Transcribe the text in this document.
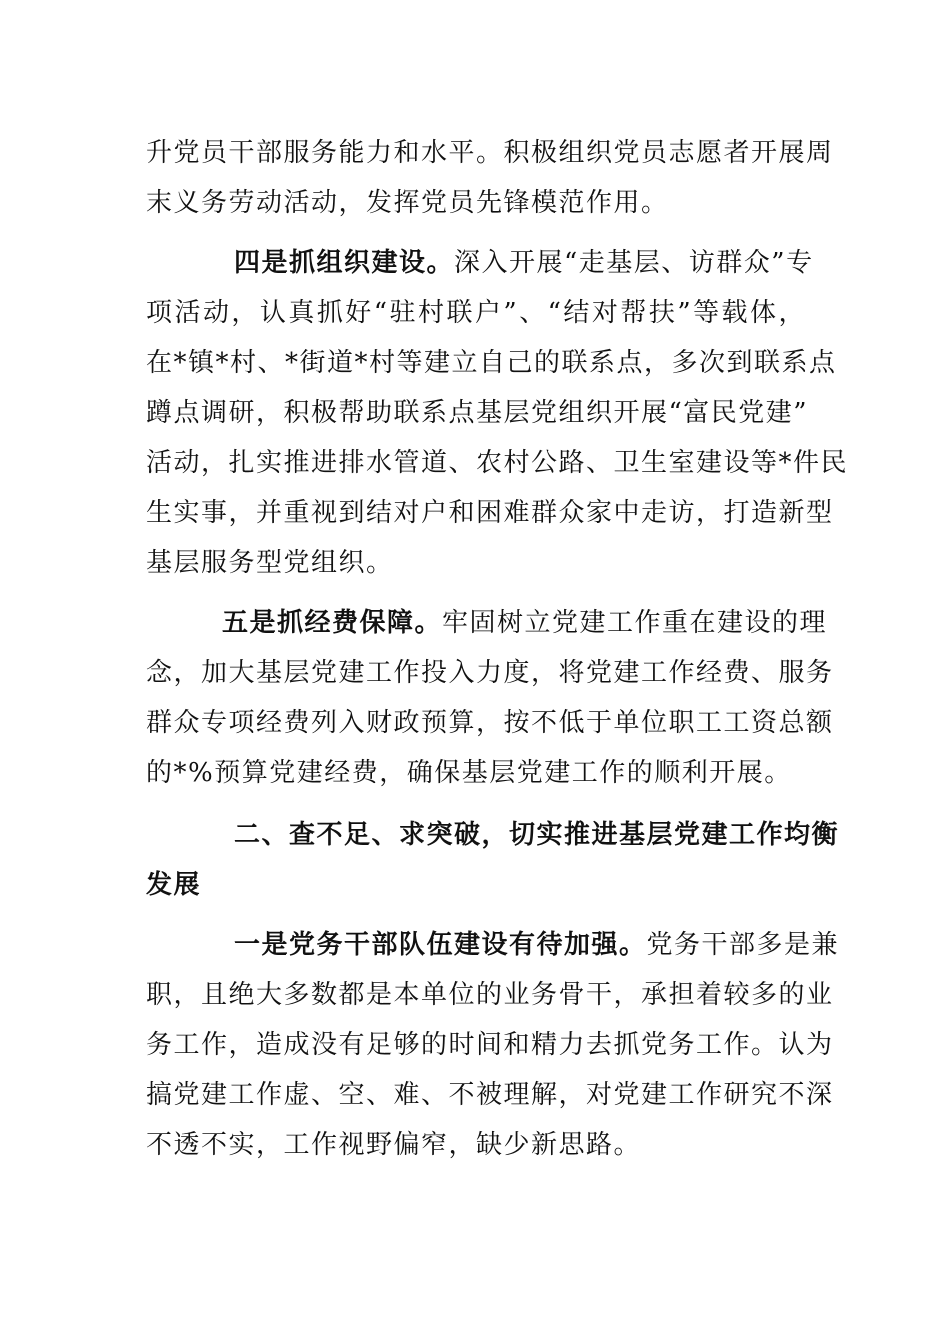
升党员干部服务能力和水平。积极组织党员志愿者开展周
末义务劳动活动，发挥党员先锋模范作用。
四是抓组织建设。深入开展“走基层、访群众”专
项活动，认真抓好“驻村联户”、“结对帮扶”等载体，
在*镇*村、*街道*村等建立自己的联系点，多次到联系点
蹲点调研，积极帮助联系点基层党组织开展“富民党建”
活动，扎实推进排水管道、农村公路、卫生室建设等*件民
生实事，并重视到结对户和困难群众家中走访，打造新型
基层服务型党组织。
五是抓经费保障。牢固树立党建工作重在建设的理
念，加大基层党建工作投入力度，将党建工作经费、服务
群众专项经费列入财政预算，按不低于单位职工工资总额
的*%预算党建经费，确保基层党建工作的顺利开展。
二、查不足、求突破，切实推进基层党建工作均衡
发展
一是党务干部队伍建设有待加强。党务干部多是兼
职，且绝大多数都是本单位的业务骨干，承担着较多的业
务工作，造成没有足够的时间和精力去抓党务工作。认为
搞党建工作虚、空、难、不被理解，对党建工作研究不深
不透不实，工作视野偏窄，缺少新思路。
